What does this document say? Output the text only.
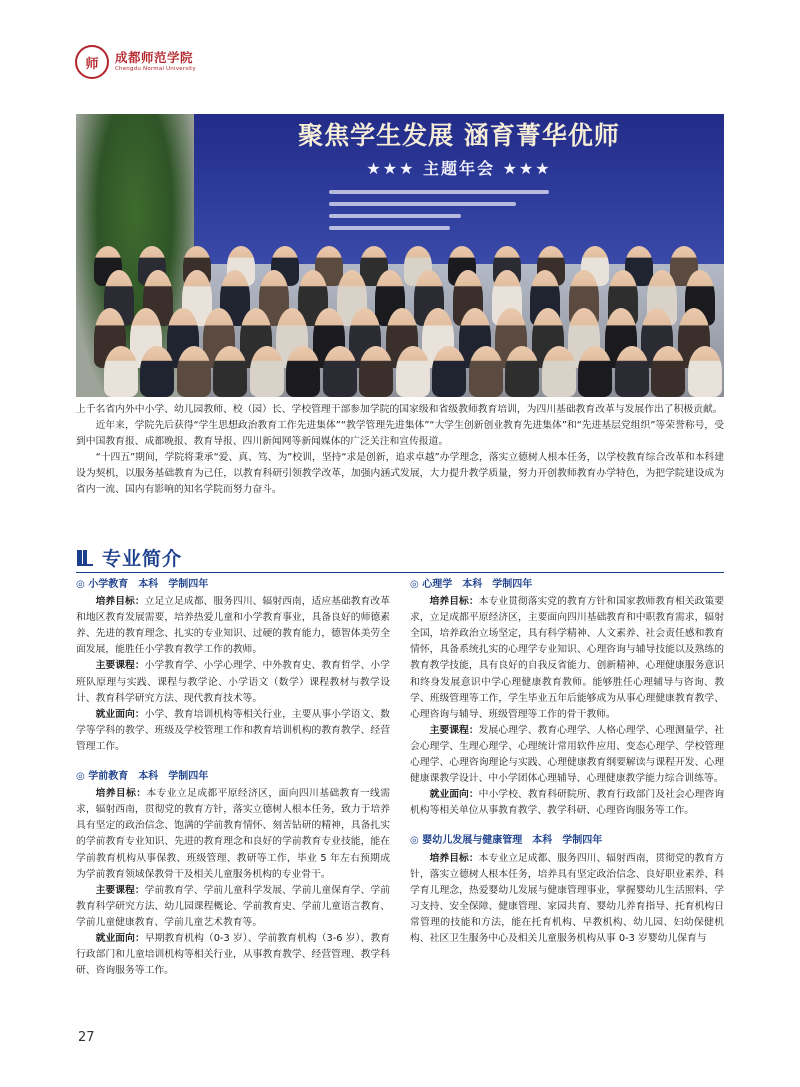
师 成都师范学院
Chengdu Normal University
聚焦学生发展 涵育菁华优师
★★★ 主题年会 ★★★
上千名省内外中小学、幼儿园教师、校（园）长、学校管理干部参加学院的国家级和省级教师教育培训，为四川基础教育改革与发展作出了积极贡献。
近年来，学院先后获得“学生思想政治教育工作先进集体”“教学管理先进集体”“大学生创新创业教育先进集体”和“先进基层党组织”等荣誉称号，受到中国教育报、成都晚报、教育导报、四川新闻网等新闻媒体的广泛关注和宣传报道。
“十四五”期间，学院将秉承“爱、真、笃、为”校训，坚持“求是创新，追求卓越”办学理念，落实立德树人根本任务，以学校教育综合改革和本科建设为契机，以服务基础教育为己任，以教育科研引领教学改革，加强内涵式发展，大力提升教学质量，努力开创教师教育办学特色，为把学院建设成为省内一流、国内有影响的知名学院而努力奋斗。
专业简介
◎ 小学教育 本科 学制四年

培养目标：立足立足成都、服务四川、辐射西南，适应基础教育改革和地区教育发展需要，培养热爱儿童和小学教育事业，具备良好的师德素养、先进的教育理念、扎实的专业知识、过硬的教育能力，德智体美劳全面发展，能胜任小学教育教学工作的教师。

主要课程：小学教育学、小学心理学、中外教育史、教育哲学、小学班队原理与实践、课程与教学论、小学语文（数学）课程教材与教学设计、教育科学研究方法、现代教育技术等。

就业面向：小学、教育培训机构等相关行业，主要从事小学语文、数学等学科的教学、班级及学校管理工作和教育培训机构的教育教学、经营管理工作。

◎ 学前教育 本科 学制四年

培养目标：本专业立足成都平原经济区，面向四川基础教育一线需求，辐射西南，贯彻党的教育方针，落实立德树人根本任务，致力于培养具有坚定的政治信念、饱满的学前教育情怀、刻苦钻研的精神，具备扎实的学前教育专业知识、先进的教育理念和良好的学前教育专业技能，能在学前教育机构从事保教、班级管理、教研等工作，毕业 5 年左右预期成为学前教育领域保教骨干及相关儿童服务机构的专业骨干。

主要课程：学前教育学、学前儿童科学发展、学前儿童保育学、学前教育科学研究方法、幼儿园课程概论、学前教育史、学前儿童语言教育、学前儿童健康教育、学前儿童艺术教育等。

就业面向：早期教育机构（0-3 岁）、学前教育机构（3-6 岁）、教育行政部门和儿童培训机构等相关行业，从事教育教学、经营管理、教学科研、咨询服务等工作。

◎ 心理学 本科 学制四年

培养目标：本专业贯彻落实党的教育方针和国家教师教育相关政策要求，立足成都平原经济区，主要面向四川基础教育和中职教育需求，辐射全国，培养政治立场坚定，具有科学精神、人文素养、社会责任感和教育情怀，具备系统扎实的心理学专业知识、心理咨询与辅导技能以及熟练的教育教学技能，具有良好的自我反省能力、创新精神、心理健康服务意识和终身发展意识中学心理健康教育教师。能够胜任心理辅导与咨询、教学、班级管理等工作，学生毕业五年后能够成为从事心理健康教育教学、心理咨询与辅导、班级管理等工作的骨干教师。

主要课程：发展心理学、教育心理学、人格心理学、心理测量学、社会心理学、生理心理学、心理统计常用软件应用、变态心理学、学校管理心理学、心理咨询理论与实践、心理健康教育纲要解读与课程开发、心理健康课教学设计、中小学团体心理辅导、心理健康教学能力综合训练等。

就业面向：中小学校、教育科研院所、教育行政部门及社会心理咨询机构等相关单位从事教育教学、教学科研、心理咨询服务等工作。

◎ 婴幼儿发展与健康管理 本科 学制四年

培养目标：本专业立足成都、服务四川、辐射西南，贯彻党的教育方针，落实立德树人根本任务，培养具有坚定政治信念、良好职业素养、科学育儿理念，热爱婴幼儿发展与健康管理事业，掌握婴幼儿生活照料、学习支持、安全保障、健康管理、家园共育、婴幼儿养育指导、托育机构日常管理的技能和方法，能在托育机构、早教机构、幼儿园、妇幼保健机构、社区卫生服务中心及相关儿童服务机构从事 0-3 岁婴幼儿保育与

27
